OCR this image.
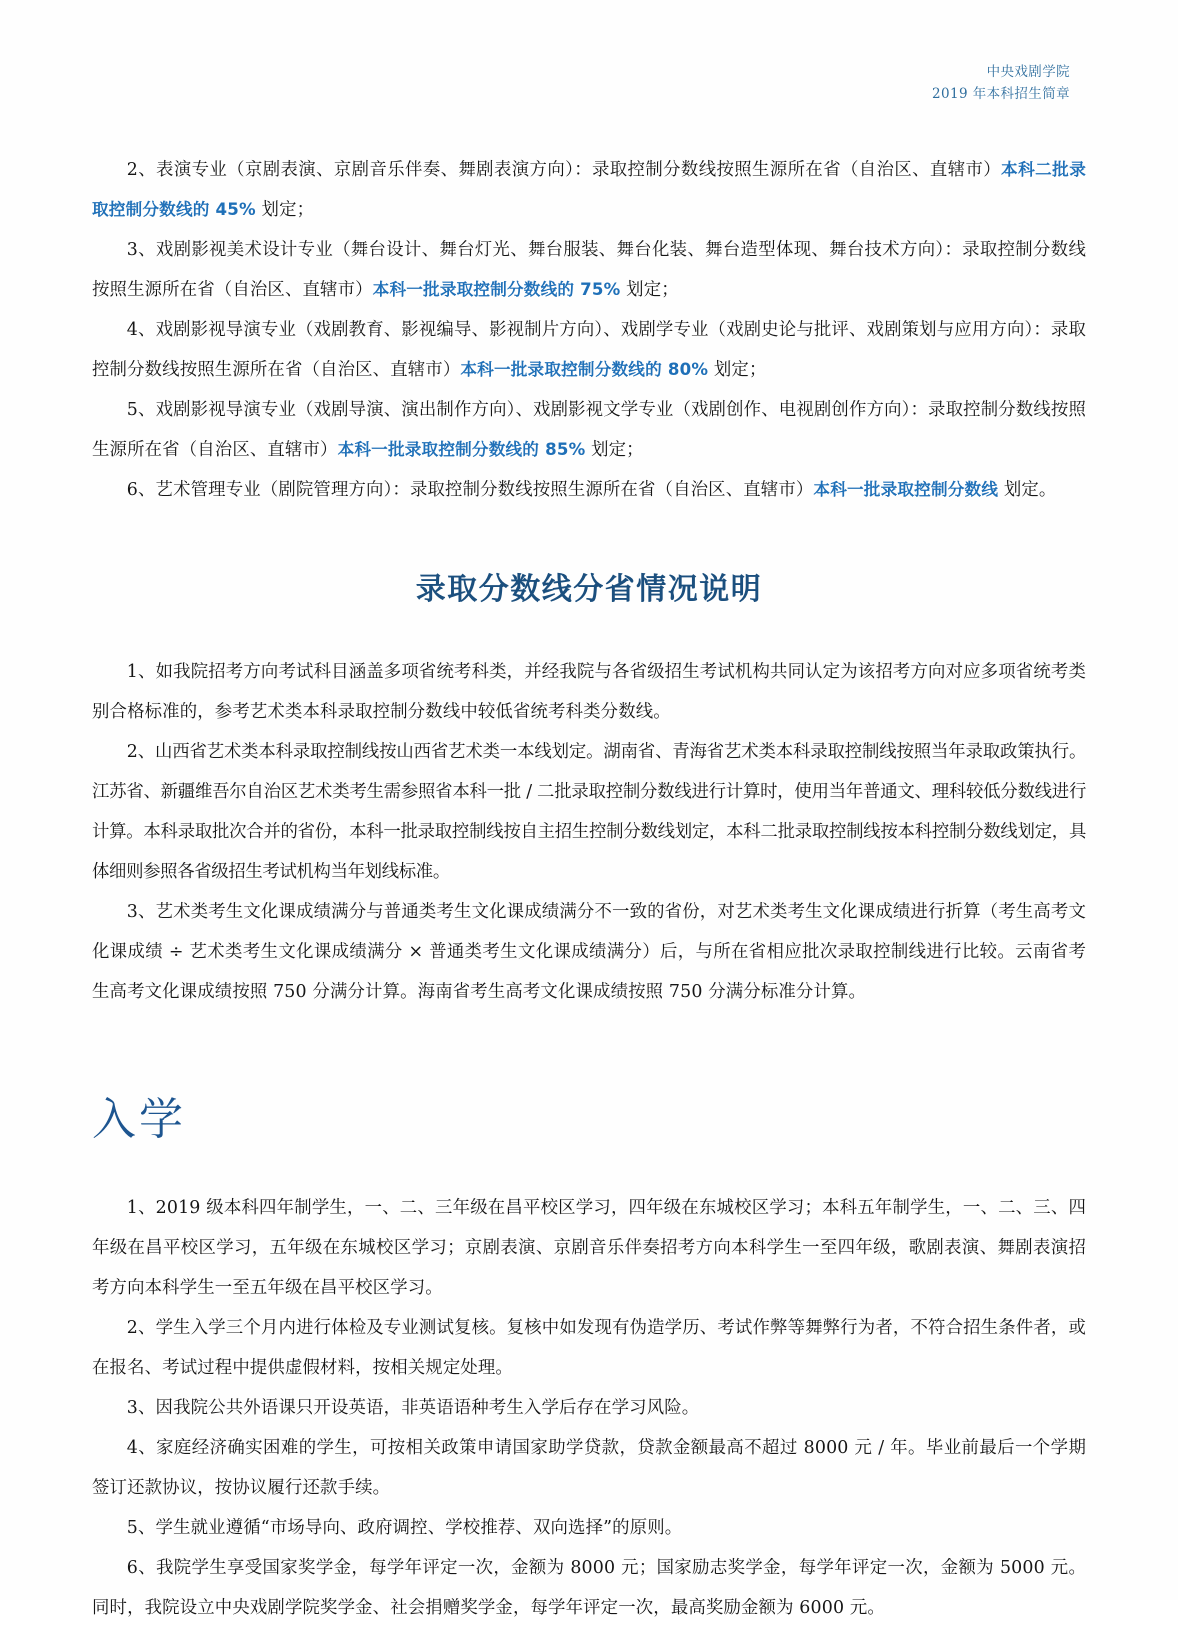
中央戏剧学院
2019 年本科招生简章

2、表演专业（京剧表演、京剧音乐伴奏、舞剧表演方向）：录取控制分数线按照生源所在省（自治区、直辖市）本科二批录取控制分数线的 45% 划定；

3、戏剧影视美术设计专业（舞台设计、舞台灯光、舞台服装、舞台化装、舞台造型体现、舞台技术方向）：录取控制分数线按照生源所在省（自治区、直辖市）本科一批录取控制分数线的 75% 划定；

4、戏剧影视导演专业（戏剧教育、影视编导、影视制片方向）、戏剧学专业（戏剧史论与批评、戏剧策划与应用方向）：录取控制分数线按照生源所在省（自治区、直辖市）本科一批录取控制分数线的 80% 划定；

5、戏剧影视导演专业（戏剧导演、演出制作方向）、戏剧影视文学专业（戏剧创作、电视剧创作方向）：录取控制分数线按照生源所在省（自治区、直辖市）本科一批录取控制分数线的 85% 划定；

6、艺术管理专业（剧院管理方向）：录取控制分数线按照生源所在省（自治区、直辖市）本科一批录取控制分数线 划定。

录取分数线分省情况说明

1、如我院招考方向考试科目涵盖多项省统考科类，并经我院与各省级招生考试机构共同认定为该招考方向对应多项省统考类别合格标准的，参考艺术类本科录取控制分数线中较低省统考科类分数线。

2、山西省艺术类本科录取控制线按山西省艺术类一本线划定。湖南省、青海省艺术类本科录取控制线按照当年录取政策执行。江苏省、新疆维吾尔自治区艺术类考生需参照省本科一批 / 二批录取控制分数线进行计算时，使用当年普通文、理科较低分数线进行计算。本科录取批次合并的省份，本科一批录取控制线按自主招生控制分数线划定，本科二批录取控制线按本科控制分数线划定，具体细则参照各省级招生考试机构当年划线标准。

3、艺术类考生文化课成绩满分与普通类考生文化课成绩满分不一致的省份，对艺术类考生文化课成绩进行折算（考生高考文化课成绩 ÷ 艺术类考生文化课成绩满分 × 普通类考生文化课成绩满分）后，与所在省相应批次录取控制线进行比较。云南省考生高考文化课成绩按照 750 分满分计算。海南省考生高考文化课成绩按照 750 分满分标准分计算。

入学

1、2019 级本科四年制学生，一、二、三年级在昌平校区学习，四年级在东城校区学习；本科五年制学生，一、二、三、四年级在昌平校区学习，五年级在东城校区学习；京剧表演、京剧音乐伴奏招考方向本科学生一至四年级，歌剧表演、舞剧表演招考方向本科学生一至五年级在昌平校区学习。

2、学生入学三个月内进行体检及专业测试复核。复核中如发现有伪造学历、考试作弊等舞弊行为者，不符合招生条件者，或在报名、考试过程中提供虚假材料，按相关规定处理。

3、因我院公共外语课只开设英语，非英语语种考生入学后存在学习风险。

4、家庭经济确实困难的学生，可按相关政策申请国家助学贷款，贷款金额最高不超过 8000 元 / 年。毕业前最后一个学期签订还款协议，按协议履行还款手续。

5、学生就业遵循“市场导向、政府调控、学校推荐、双向选择”的原则。

6、我院学生享受国家奖学金，每学年评定一次，金额为 8000 元；国家励志奖学金，每学年评定一次，金额为 5000 元。同时，我院设立中央戏剧学院奖学金、社会捐赠奖学金，每学年评定一次，最高奖励金额为 6000 元。
